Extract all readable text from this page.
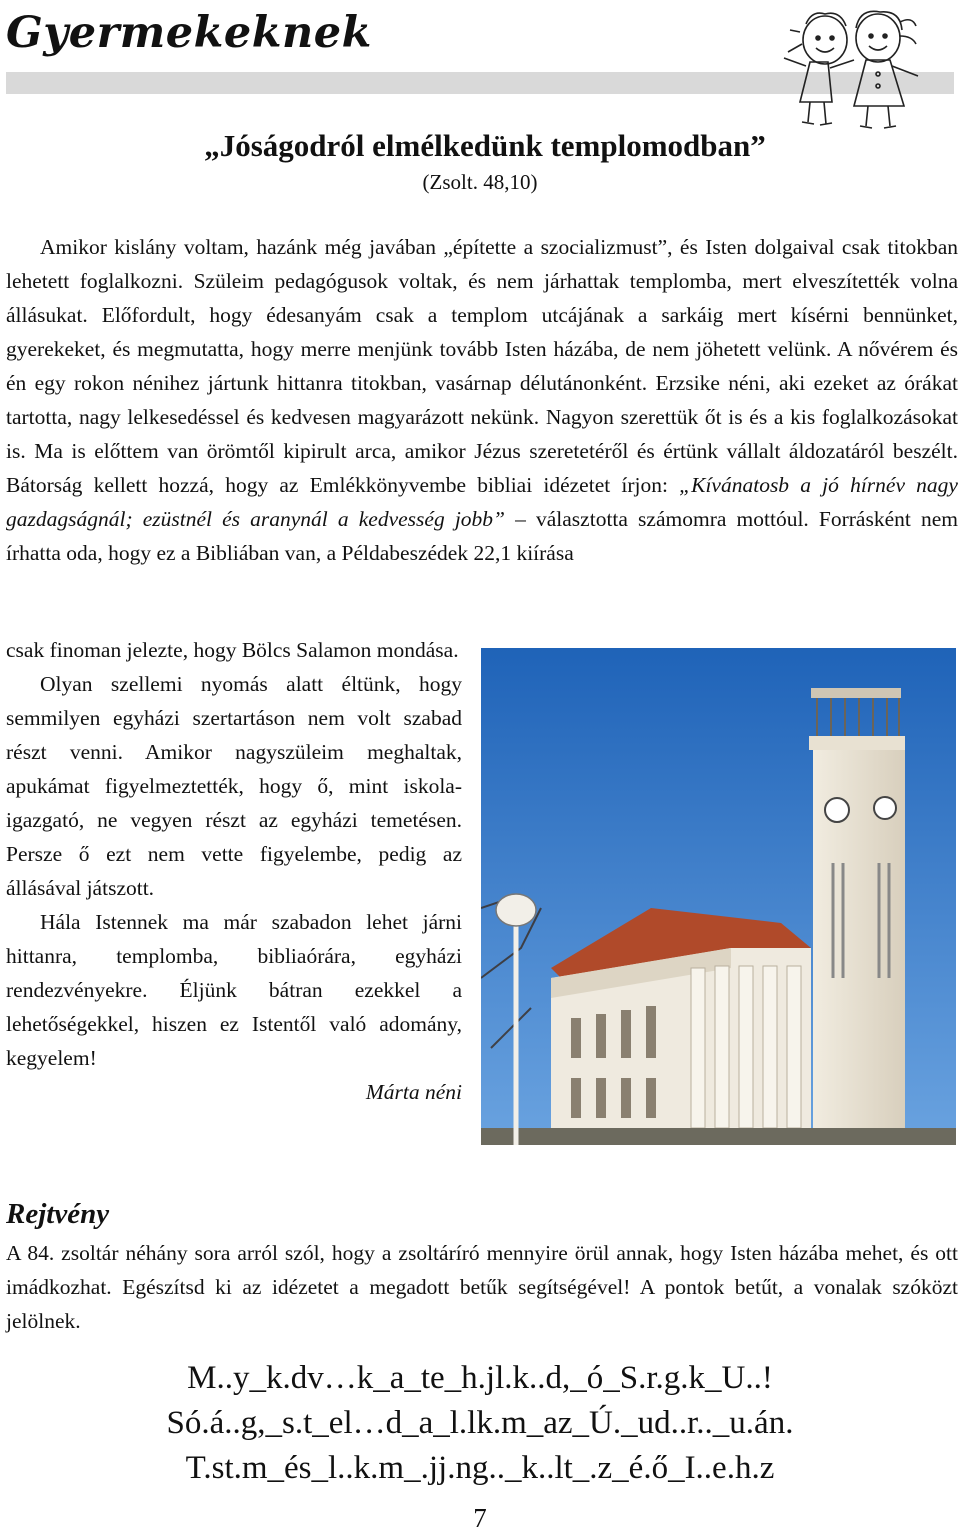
Gyermekeknek
„Jóságodról elmélkedünk templomodban”
(Zsolt. 48,10)

Amikor kislány voltam, hazánk még javában „építette a szocializmust”, és Isten dolgaival csak titokban lehetett foglalkozni. Szüleim pedagógusok voltak, és nem járhattak templomba, mert elveszítették volna állásukat. Előfordult, hogy édesanyám csak a templom utcájának a sarkáig mert kísérni bennünket, gyerekeket, és megmutatta, hogy merre menjünk tovább Isten házába, de nem jöhetett velünk. A nővérem és én egy rokon nénihez jártunk hittanra titokban, vasárnap délutánonként. Erzsike néni, aki ezeket az órákat tartotta, nagy lelkesedéssel és kedvesen magyarázott nekünk. Nagyon szerettük őt is és a kis foglalkozásokat is. Ma is előttem van örömtől kipirult arca, amikor Jézus szeretetéről és értünk vállalt áldozatáról beszélt. Bátorság kellett hozzá, hogy az Emlékkönyvembe bibliai idézetet írjon: „Kívánatosb a jó hírnév nagy gazdagságnál; ezüstnél és aranynál a kedvesség jobb” – választotta számomra mottóul. Forrásként nem írhatta oda, hogy ez a Bibliában van, a Példabeszédek 22,1 kiírása

csak finoman jelezte, hogy Bölcs Salamon mondása.

Olyan szellemi nyomás alatt éltünk, hogy semmilyen egyházi szertartáson nem volt szabad részt venni. Amikor nagyszüleim meghaltak, apukámat figyelmeztették, hogy ő, mint iskola-igazgató, ne vegyen részt az egyházi temetésen. Persze ő ezt nem vette figyelembe, pedig az állásával játszott.

Hála Istennek ma már szabadon lehet járni hittanra, templomba, bibliaórára, egyházi rendezvényekre. Éljünk bátran ezekkel a lehetőségekkel, hiszen ez Istentől való adomány, kegyelem!

Márta néni

Rejtvény
A 84. zsoltár néhány sora arról szól, hogy a zsoltáríró mennyire örül annak, hogy Isten házába mehet, és ott imádkozhat. Egészítsd ki az idézetet a megadott betűk segítségével! A pontok betűt, a vonalak szóközt jelölnek.
M..y_k.dv…k_a_te_h.jl.k..d,_ó_S.r.g.k_U..!
Só.á..g,_s.t_el…d_a_l.lk.m_az_Ú._ud..r.._u.án.
T.st.m_és_l..k.m_.jj.ng.._k..lt_.z_é.ő_I..e.h.z
7
